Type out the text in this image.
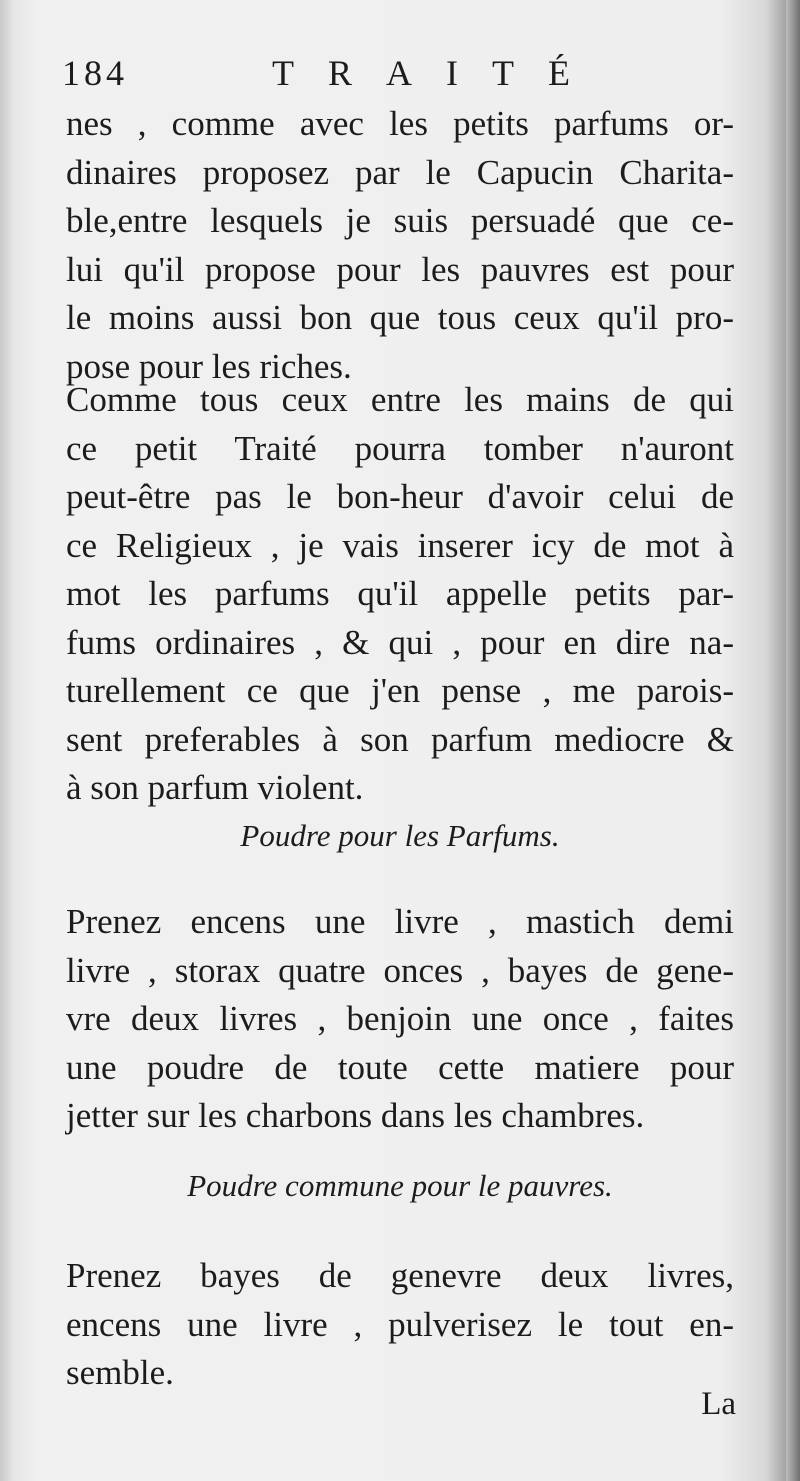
184	TRAITÉ
nes , comme avec les petits parfums or-
dinaires proposez par le Capucin Charita-
ble,entre lesquels je suis persuadé que ce-
lui qu'il propose pour les pauvres est pour
le moins aussi bon que tous ceux qu'il pro-
pose pour les riches.
Comme tous ceux entre les mains de qui
ce petit Traité pourra tomber n'auront
peut-être pas le bon-heur d'avoir celui de
ce Religieux , je vais inserer icy de mot à
mot les parfums qu'il appelle petits par-
fums ordinaires , & qui , pour en dire na-
turellement ce que j'en pense , me parois-
sent preferables à son parfum mediocre &
à son parfum violent.
Poudre pour les Parfums.
Prenez encens une livre , mastich demi
livre , storax quatre onces , bayes de gene-
vre deux livres , benjoin une once , faites
une poudre de toute cette matiere pour
jetter sur les charbons dans les chambres.
Poudre commune pour le pauvres.
Prenez bayes de genevre deux livres,
encens une livre , pulverisez le tout en-
semble.
La
